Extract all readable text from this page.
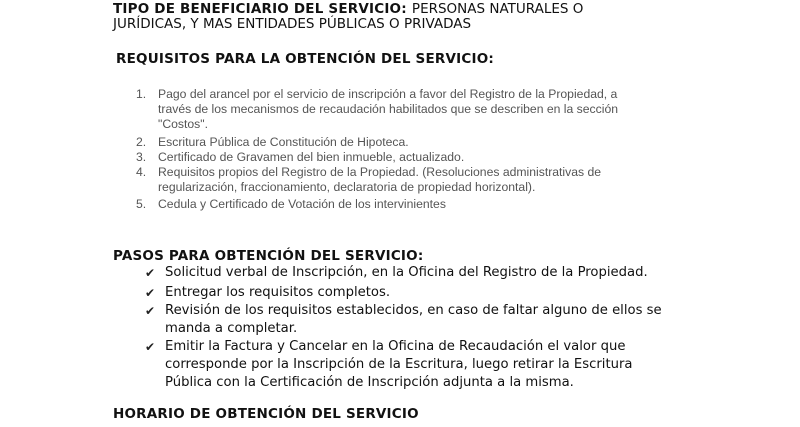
TIPO DE BENEFICIARIO DEL SERVICIO: PERSONAS NATURALES O
JURÍDICAS, Y MAS ENTIDADES PÚBLICAS O PRIVADAS
REQUISITOS PARA LA OBTENCIÓN DEL SERVICIO:
1. Pago del arancel por el servicio de inscripción a favor del Registro de la Propiedad, a
través de los mecanismos de recaudación habilitados que se describen en la sección
"Costos".
2. Escritura Pública de Constitución de Hipoteca.
3. Certificado de Gravamen del bien inmueble, actualizado.
4. Requisitos propios del Registro de la Propiedad. (Resoluciones administrativas de
regularización, fraccionamiento, declaratoria de propiedad horizontal).
5. Cedula y Certificado de Votación de los intervinientes
PASOS PARA OBTENCIÓN DEL SERVICIO:
✔ Solicitud verbal de Inscripción, en la Oficina del Registro de la Propiedad.
✔ Entregar los requisitos completos.
✔ Revisión de los requisitos establecidos, en caso de faltar alguno de ellos se
manda a completar.
✔ Emitir la Factura y Cancelar en la Oficina de Recaudación el valor que
corresponde por la Inscripción de la Escritura, luego retirar la Escritura
Pública con la Certificación de Inscripción adjunta a la misma.
HORARIO DE OBTENCIÓN DEL SERVICIO
